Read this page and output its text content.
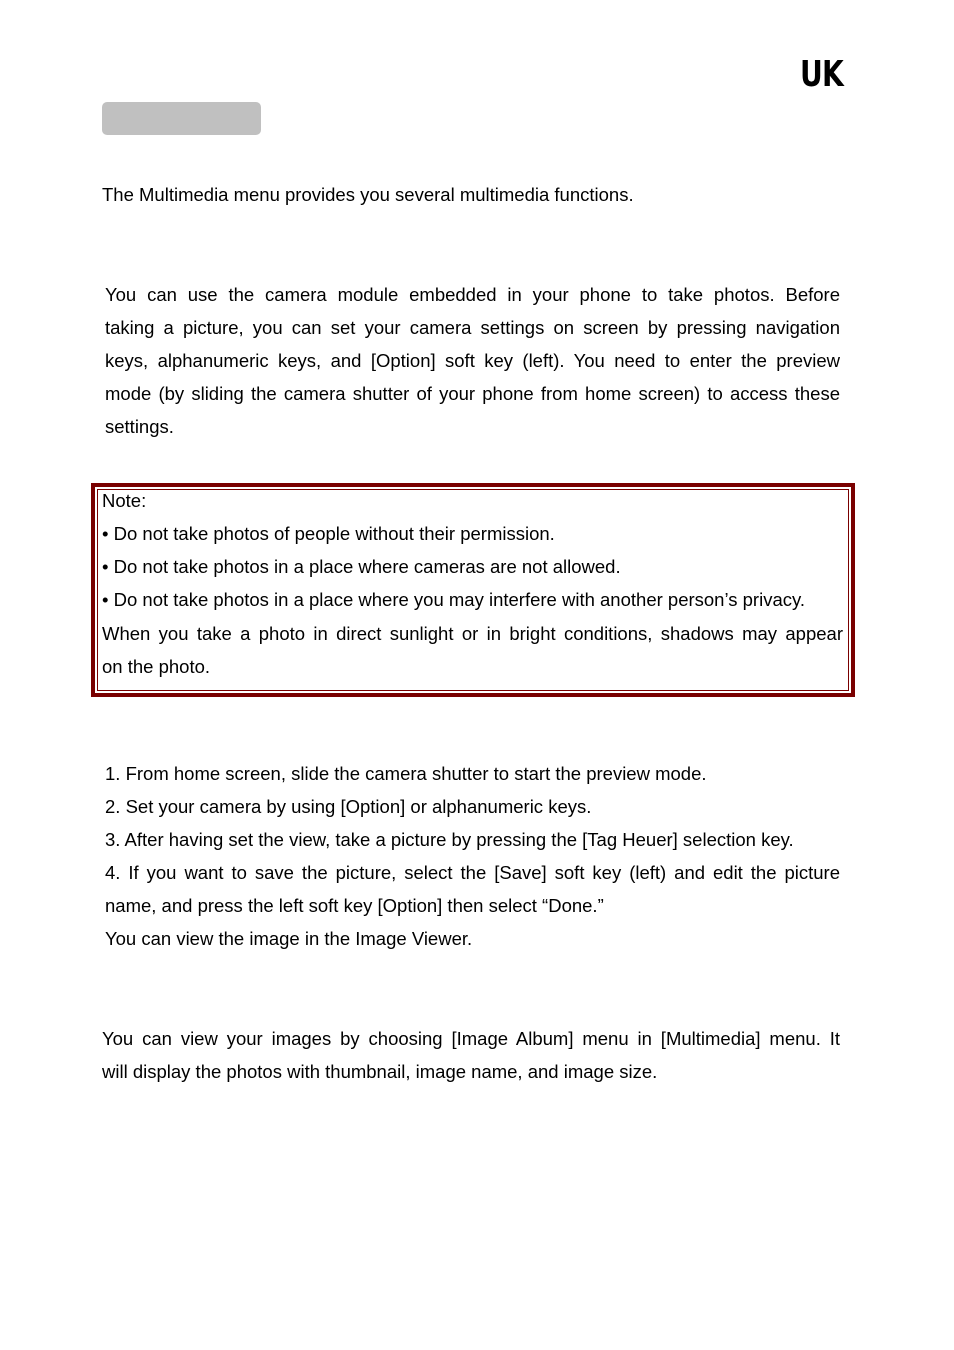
UK
The Multimedia menu provides you several multimedia functions.
You can use the camera module embedded in your phone to take photos. Before
taking a picture, you can set your camera settings on screen by pressing navigation
keys, alphanumeric keys, and [Option] soft key (left). You need to enter the preview
mode (by sliding the camera shutter of your phone from home screen) to access these
settings.
Note:
• Do not take photos of people without their permission.
• Do not take photos in a place where cameras are not allowed.
• Do not take photos in a place where you may interfere with another person’s privacy.
When you take a photo in direct sunlight or in bright conditions, shadows may appear
on the photo.
1. From home screen, slide the camera shutter to start the preview mode.
2. Set your camera by using [Option] or alphanumeric keys.
3. After having set the view, take a picture by pressing the [Tag Heuer] selection key.
4. If you want to save the picture, select the [Save] soft key (left) and edit the picture
name, and press the left soft key [Option] then select “Done.”
You can view the image in the Image Viewer.
You can view your images by choosing [Image Album] menu in [Multimedia] menu. It
will display the photos with thumbnail, image name, and image size.
